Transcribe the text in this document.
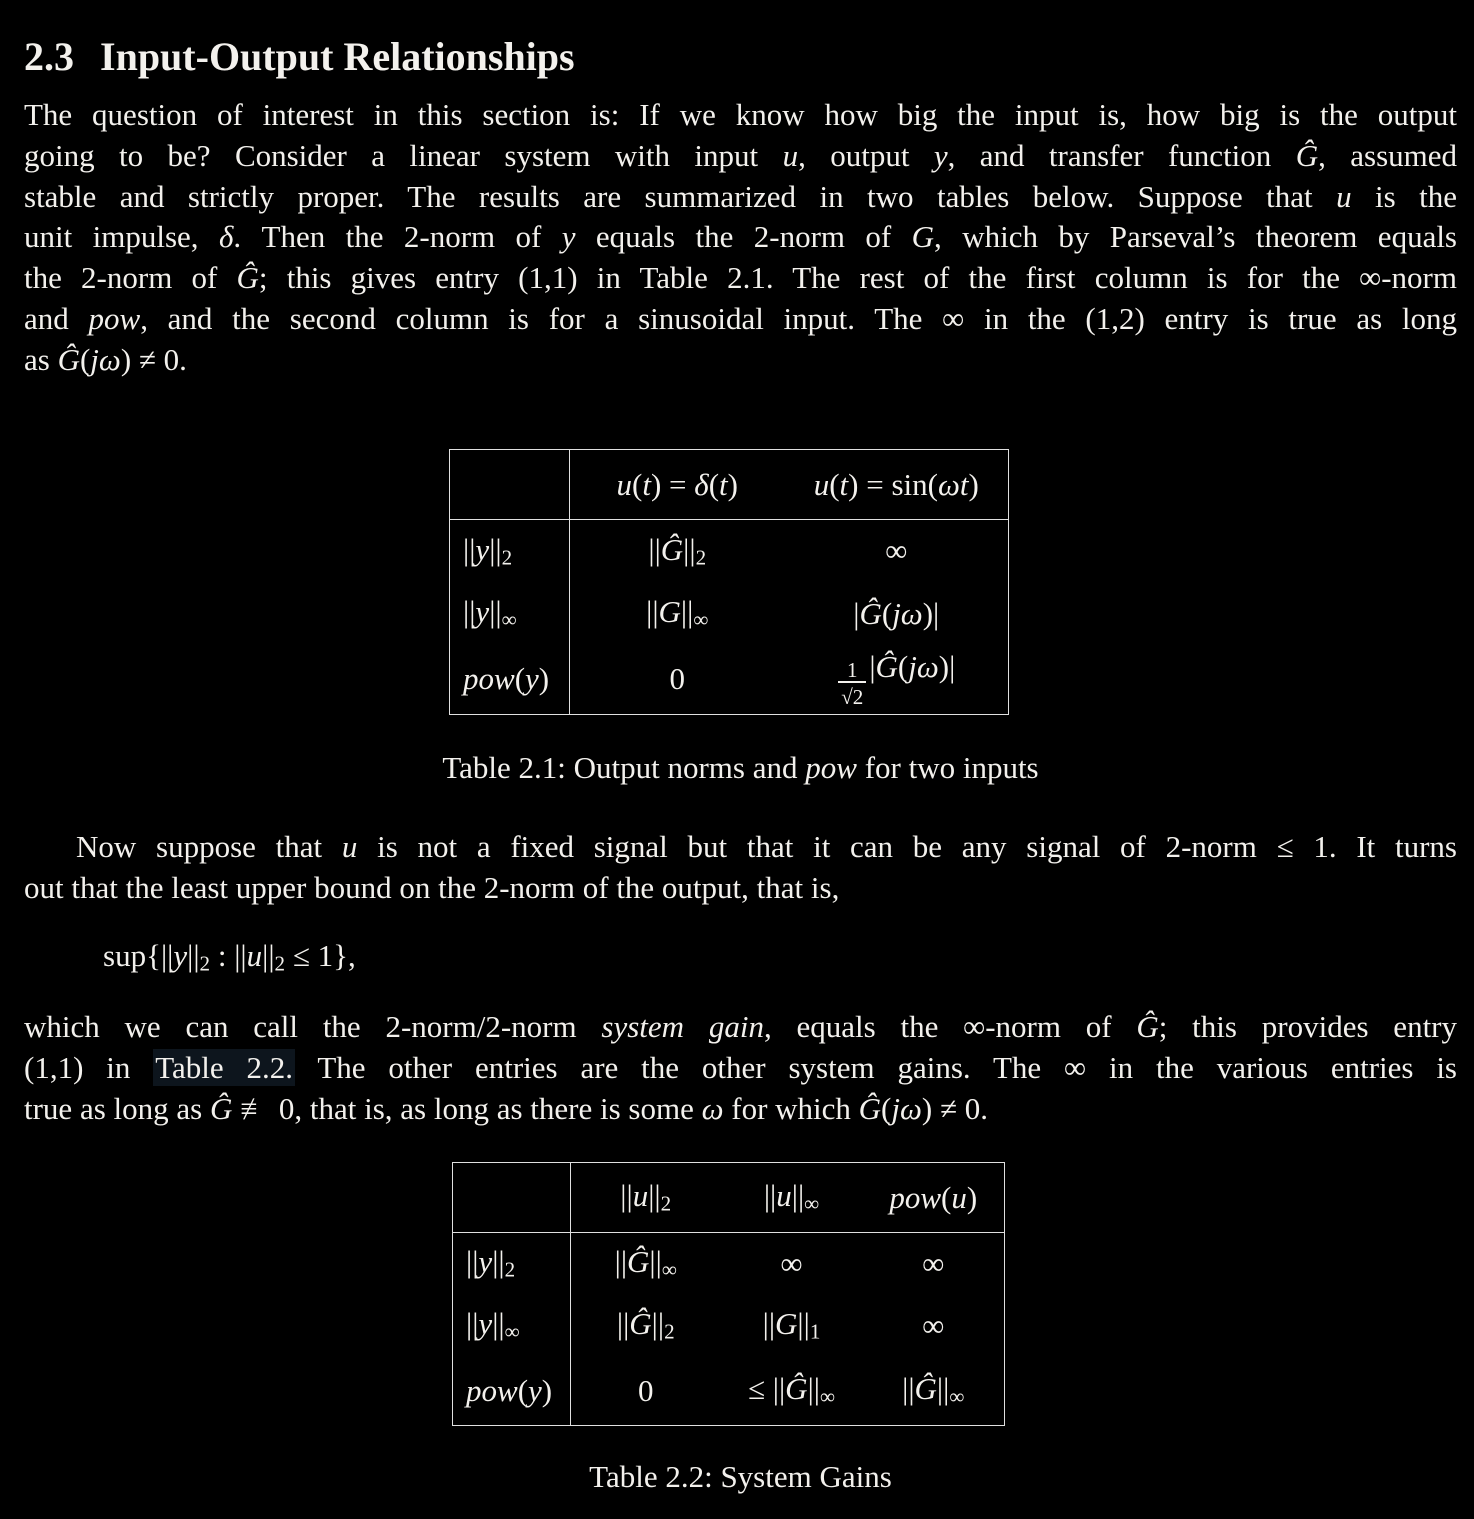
2.3 Input-Output Relationships
The question of interest in this section is: If we know how big the input is, how big is the output
going to be? Consider a linear system with input u, output y, and transfer function Ĝ, assumed
stable and strictly proper. The results are summarized in two tables below. Suppose that u is the
unit impulse, δ. Then the 2-norm of y equals the 2-norm of G, which by Parseval’s theorem equals
the 2-norm of Ĝ; this gives entry (1,1) in Table 2.1. The rest of the first column is for the ∞-norm
and pow, and the second column is for a sinusoidal input. The ∞ in the (1,2) entry is true as long
as Ĝ(jω) ≠ 0.
	u(t) = δ(t)	u(t) = sin(ωt)
||y||2	||Ĝ||2	∞
||y||∞	||G||∞	|Ĝ(jω)|
pow(y)	0	$\frac{1}{√2}$ |Ĝ(jω)|
Table 2.1: Output norms and pow for two inputs
Now suppose that u is not a fixed signal but that it can be any signal of 2-norm ≤ 1. It turns
out that the least upper bound on the 2-norm of the output, that is,
sup{||y||2 : ||u||2 ≤ 1},
which we can call the 2-norm/2-norm system gain, equals the ∞-norm of Ĝ; this provides entry
(1,1) in Table 2.2. The other entries are the other system gains. The ∞ in the various entries is
true as long as Ĝ ≢ 0, that is, as long as there is some ω for which Ĝ(jω) ≠ 0.
	||u||2	||u||∞	pow(u)
||y||2	||Ĝ||∞	∞	∞
||y||∞	||Ĝ||2	||G||1	∞
pow(y)	0	≤ ||Ĝ||∞	||Ĝ||∞
Table 2.2: System Gains
